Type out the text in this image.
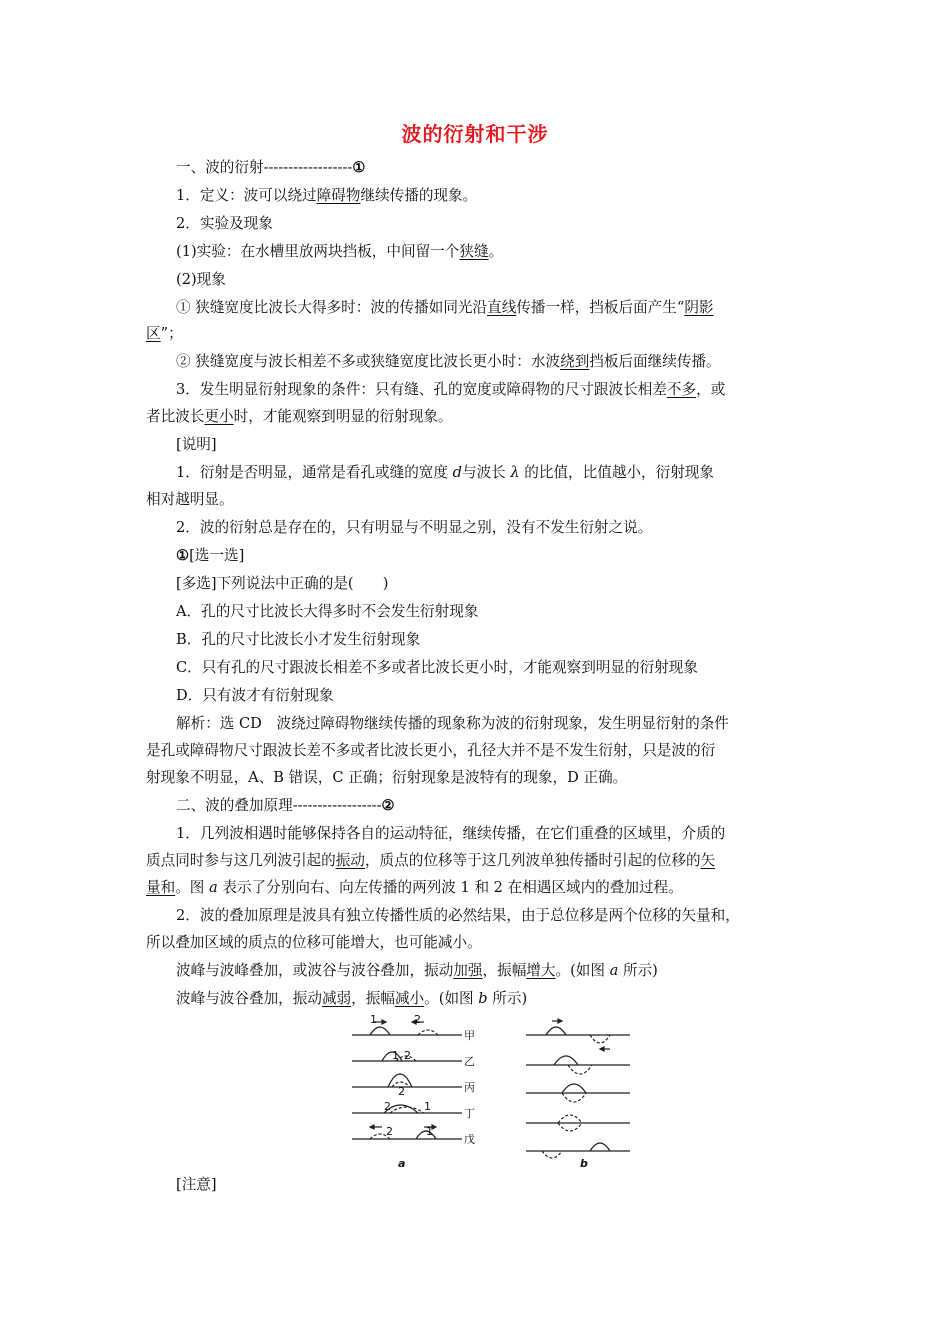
波的衍射和干涉
一、波的衍射------------------①
1．定义：波可以绕过障碍物继续传播的现象。
2．实验及现象
(1)实验：在水槽里放两块挡板，中间留一个狭缝。
(2)现象
① 狭缝宽度比波长大得多时：波的传播如同光沿直线传播一样，挡板后面产生“阴影
区”；
② 狭缝宽度与波长相差不多或狭缝宽度比波长更小时：水波绕到挡板后面继续传播。
3．发生明显衍射现象的条件：只有缝、孔的宽度或障碍物的尺寸跟波长相差不多，或
者比波长更小时，才能观察到明显的衍射现象。
[说明]
1．衍射是否明显，通常是看孔或缝的宽度 d与波长 λ 的比值，比值越小，衍射现象
相对越明显。
2．波的衍射总是存在的，只有明显与不明显之别，没有不发生衍射之说。
①[选一选]
[多选]下列说法中正确的是(　　)
A．孔的尺寸比波长大得多时不会发生衍射现象
B．孔的尺寸比波长小才发生衍射现象
C．只有孔的尺寸跟波长相差不多或者比波长更小时，才能观察到明显的衍射现象
D．只有波才有衍射现象
解析：选 CD　波绕过障碍物继续传播的现象称为波的衍射现象，发生明显衍射的条件
是孔或障碍物尺寸跟波长差不多或者比波长更小，孔径大并不是不发生衍射，只是波的衍
射现象不明显，A、B 错误，C 正确；衍射现象是波特有的现象，D 正确。
二、波的叠加原理------------------②
1．几列波相遇时能够保持各自的运动特征，继续传播，在它们重叠的区域里，介质的
质点同时参与这几列波引起的振动，质点的位移等于这几列波单独传播时引起的位移的矢
量和。图 a 表示了分别向右、向左传播的两列波 1 和 2 在相遇区域内的叠加过程。
2．波的叠加原理是波具有独立传播性质的必然结果，由于总位移是两个位移的矢量和，
所以叠加区域的质点的位移可能增大，也可能减小。
波峰与波峰叠加，或波谷与波谷叠加，振动加强，振幅增大。(如图 a 所示)
波峰与波谷叠加，振动减弱，振幅减小。(如图 b 所示)
1	2
1 2
2
2	1
2	1
甲
乙
丙
丁
戊
a	b
[注意]
